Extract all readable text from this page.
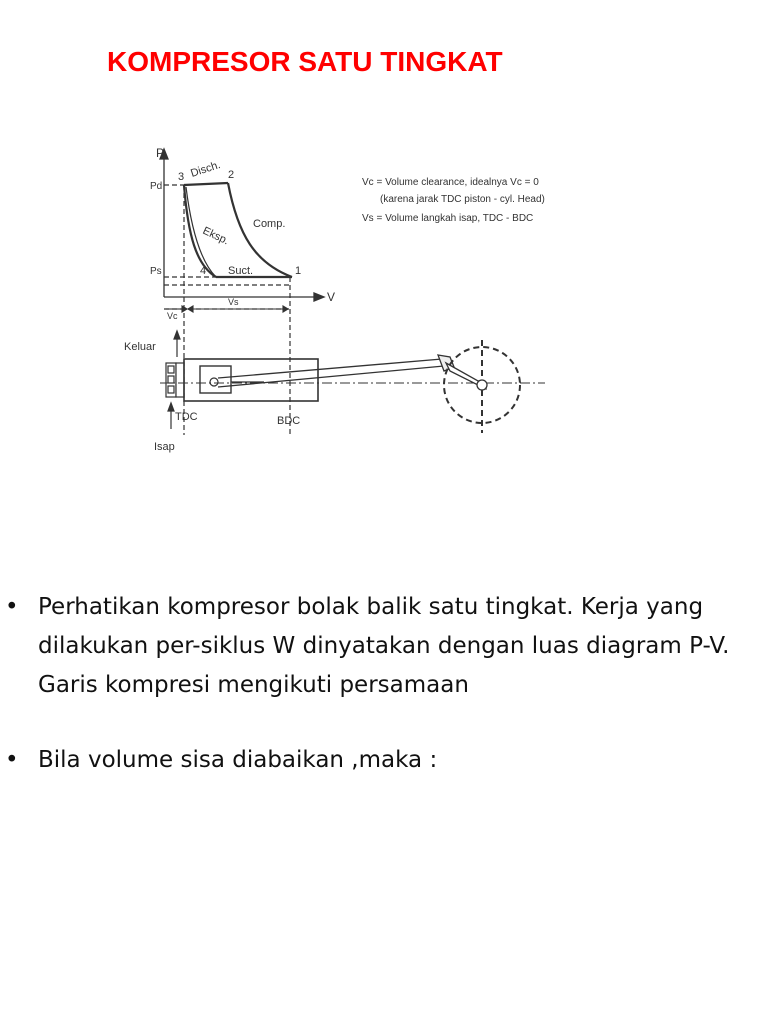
KOMPRESOR SATU TINGKAT
P
V
Pd
Ps
3	2
4	1
Disch.
Comp.
Eksp.
Suct.
Vc
Vs
Vc = Volume clearance, idealnya Vc = 0
(karena jarak TDC piston - cyl. Head)
Vs = Volume langkah isap, TDC - BDC
Keluar
TDC	BDC
Isap
• Perhatikan kompresor bolak balik satu tingkat. Kerja yang dilakukan per-siklus W dinyatakan dengan luas diagram P-V. Garis kompresi mengikuti persamaan
• Bila volume sisa diabaikan ,maka :
